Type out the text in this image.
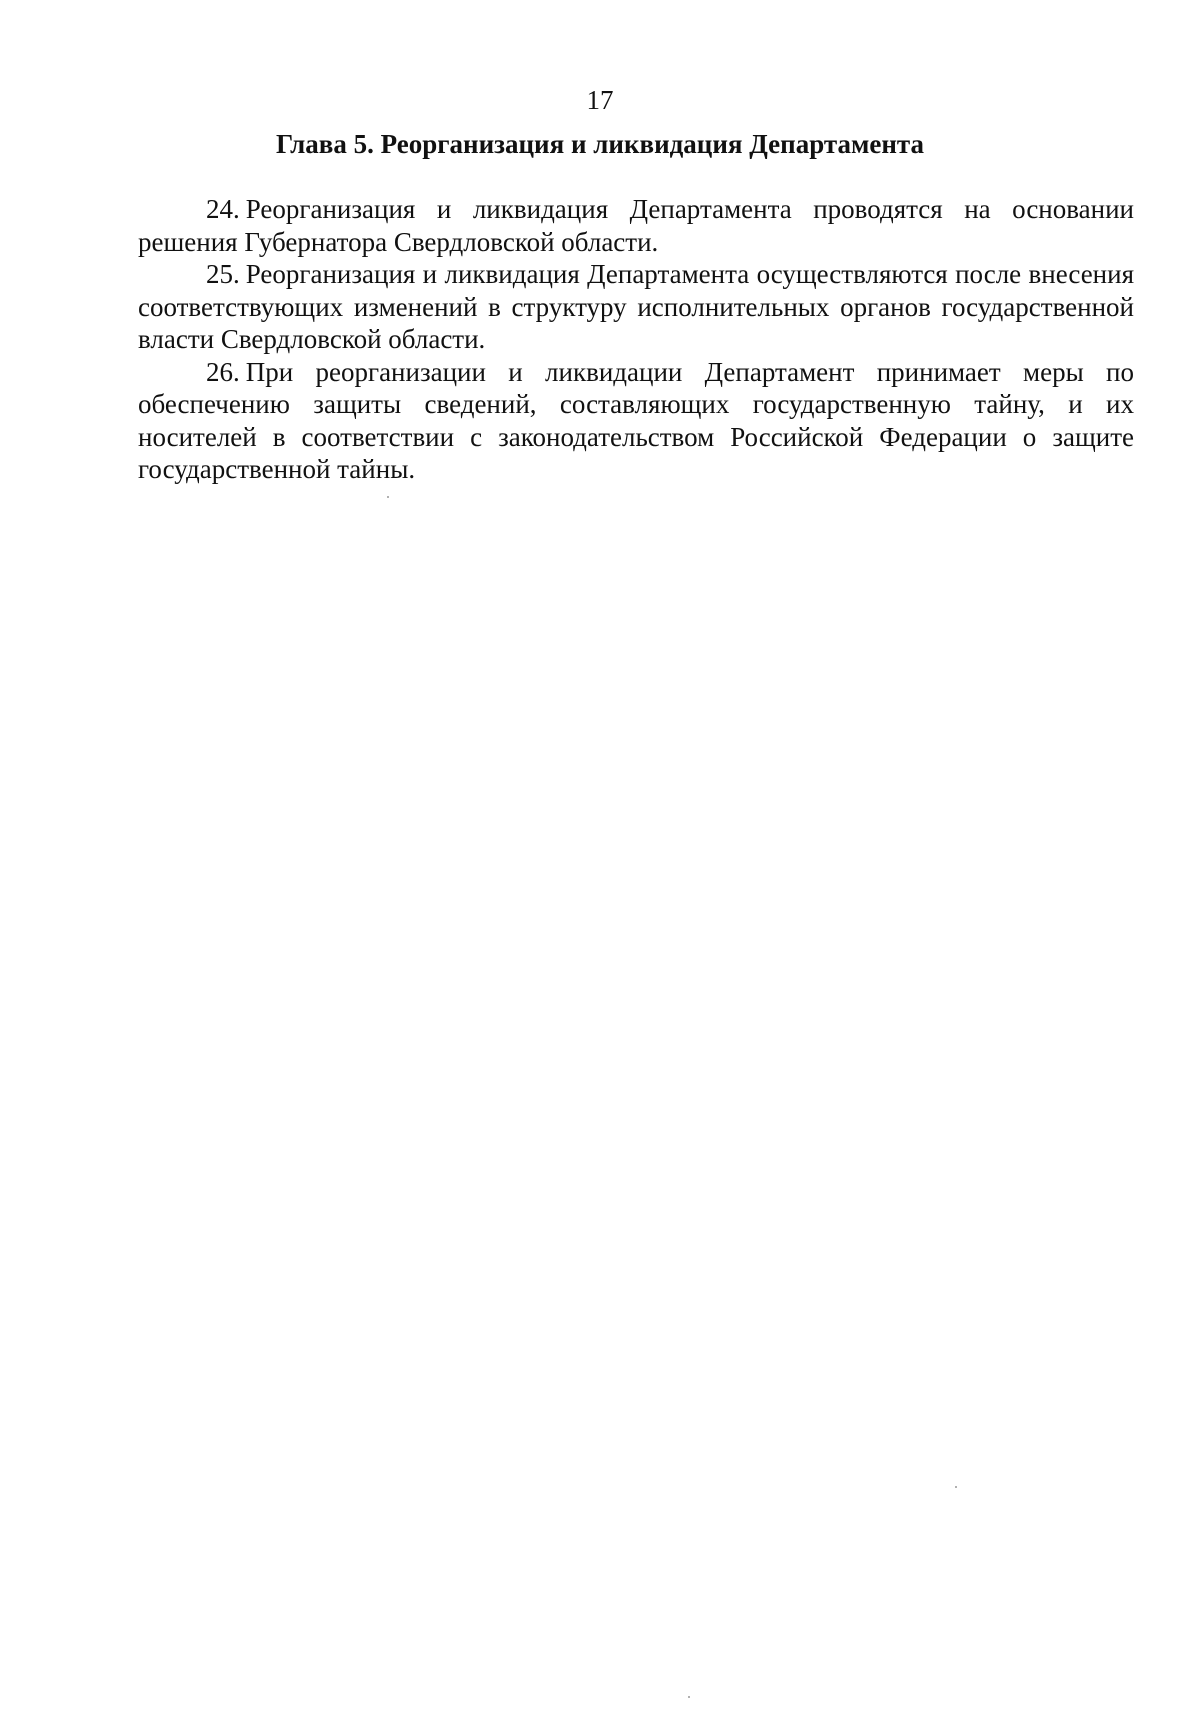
17
Глава 5. Реорганизация и ликвидация Департамента

24. Реорганизация и ликвидация Департамента проводятся на основании решения Губернатора Свердловской области.

25. Реорганизация и ликвидация Департамента осуществляются после внесения соответствующих изменений в структуру исполнительных органов государственной власти Свердловской области.

26. При реорганизации и ликвидации Департамент принимает меры по обеспечению защиты сведений, составляющих государственную тайну, и их носителей в соответствии с законодательством Российской Федерации о защите государственной тайны.
